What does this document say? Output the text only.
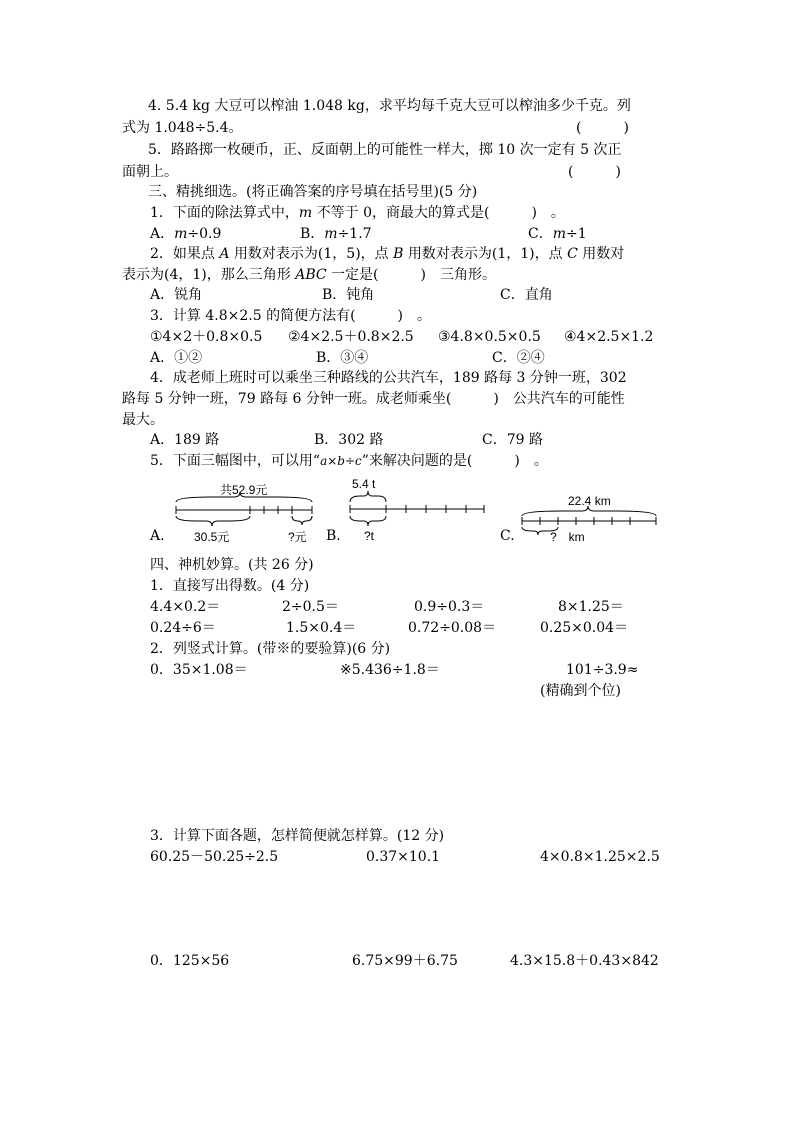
4. 5.4 kg 大豆可以榨油 1.048 kg，求平均每千克大豆可以榨油多少千克。列
式为 1.048÷5.4。	(　　　)
5．路路掷一枚硬币，正、反面朝上的可能性一样大，掷 10 次一定有 5 次正
面朝上。	(　　　)
三、精挑细选。(将正确答案的序号填在括号里)(5 分)
1．下面的除法算式中，m 不等于 0，商最大的算式是(　　　)　。
A．m÷0.9	B．m÷1.7	C．m÷1
2．如果点 A 用数对表示为(1，5)，点 B 用数对表示为(1，1)，点 C 用数对
表示为(4，1)，那么三角形 ABC 一定是(　　　)　三角形。
A．锐角	B．钝角	C．直角
3．计算 4.8×2.5 的简便方法有(　　　)　。
①4×2＋0.8×0.5 ②4×2.5＋0.8×2.5 ③4.8×0.5×0.5 ④4×2.5×1.2
A．①②	B．③④	C．②④
4．成老师上班时可以乘坐三种路线的公共汽车，189 路每 3 分钟一班，302
路每 5 分钟一班，79 路每 6 分钟一班。成老师乘坐(　　　)　公共汽车的可能性
最大。
A．189 路	B．302 路	C．79 路
5．下面三幅图中，可以用“a×b÷c”来解决问题的是(　　　)　。
A.	B.	C.
共52.9元
30.5元	?元
5.4 t
?t
22.4 km
?　km
四、神机妙算。(共 26 分)
1．直接写出得数。(4 分)
4.4×0.2＝	2÷0.5＝	0.9÷0.3＝	8×1.25＝
0.24÷6＝	1.5×0.4＝	0.72÷0.08＝	0.25×0.04＝
2．列竖式计算。(带※的要验算)(6 分)
0．35×1.08＝	※5.436÷1.8＝	101÷3.9≈
(精确到个位)
3．计算下面各题，怎样简便就怎样算。(12 分)
60.25－50.25÷2.5	0.37×10.1	4×0.8×1.25×2.5
0．125×56	6.75×99＋6.75	4.3×15.8＋0.43×842
